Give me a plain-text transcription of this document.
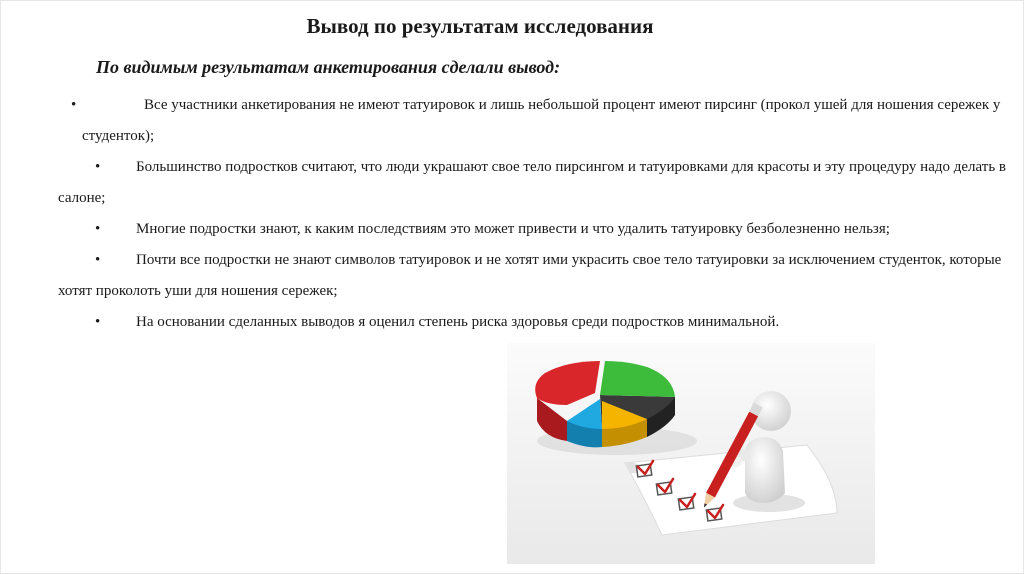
Вывод по результатам исследования
По видимым результатам анкетирования сделали вывод:
•	Все участники анкетирования не имеют татуировок и лишь небольшой процент имеют пирсинг (прокол ушей для ношения сережек у студенток);
• Большинство подростков считают, что люди украшают свое тело пирсингом и татуировками для красоты и эту процедуру надо делать в салоне;
• Многие подростки знают, к каким последствиям это может привести и что удалить татуировку безболезненно нельзя;
• Почти все подростки не знают символов татуировок и не хотят ими украсить свое тело татуировки за исключением студенток, которые хотят проколоть уши для ношения сережек;
• На основании сделанных выводов я оценил степень риска здоровья среди подростков минимальной.
